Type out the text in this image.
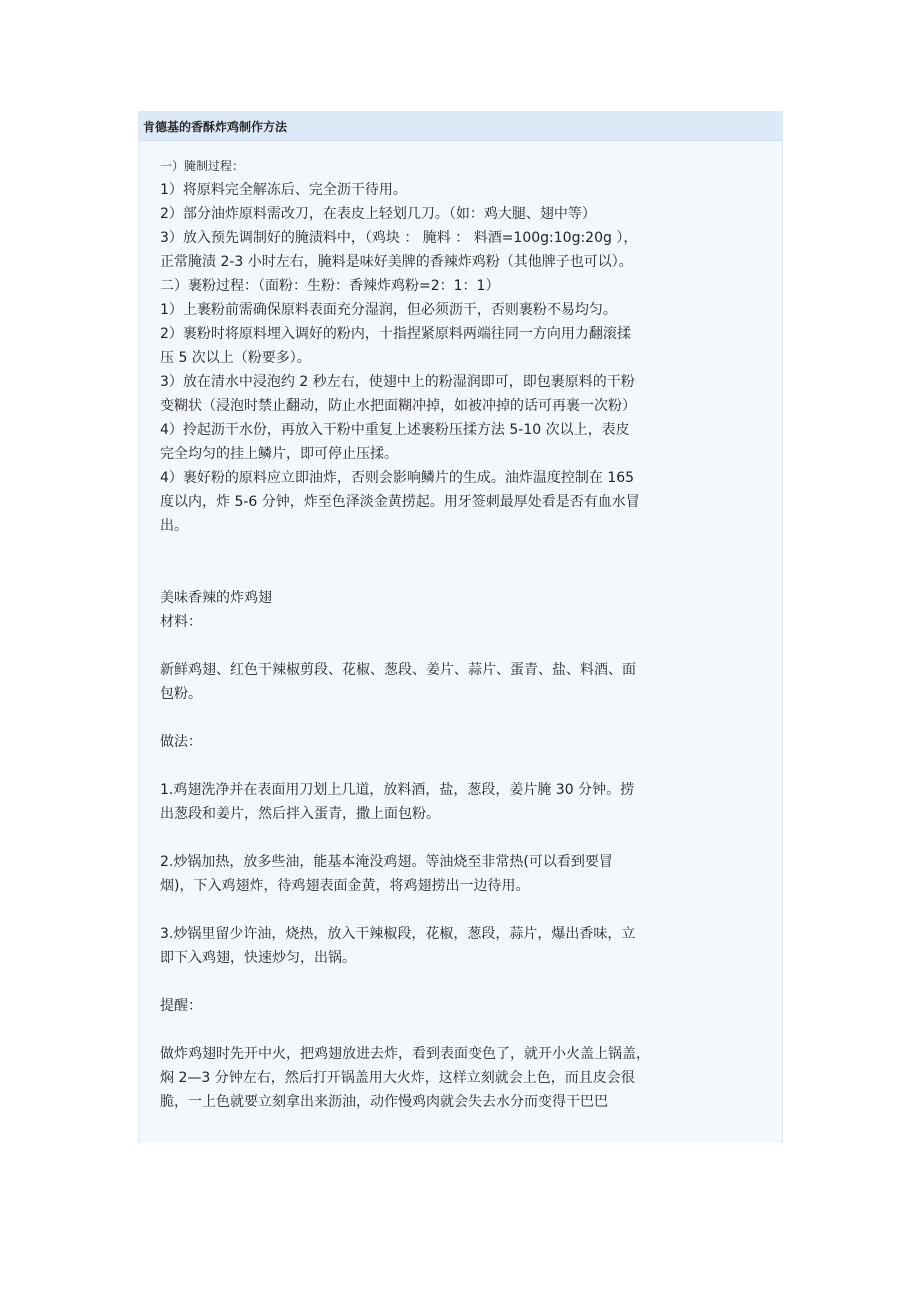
肯德基的香酥炸鸡制作方法
一）腌制过程：
1）将原料完全解冻后、完全沥干待用。
2）部分油炸原料需改刀，在表皮上轻划几刀。（如：鸡大腿、翅中等）
3）放入预先调制好的腌渍料中，（鸡块 ： 腌料 ： 料酒=100g:10g:20g ），
正常腌渍 2-3 小时左右，腌料是味好美牌的香辣炸鸡粉（其他牌子也可以）。
二）裹粉过程：（面粉：生粉：香辣炸鸡粉=2：1：1）
1）上裹粉前需确保原料表面充分湿润，但必须沥干，否则裹粉不易均匀。
2）裹粉时将原料埋入调好的粉内，十指捏紧原料两端往同一方向用力翻滚揉
压 5 次以上（粉要多）。
3）放在清水中浸泡约 2 秒左右，使翅中上的粉湿润即可，即包裹原料的干粉
变糊状（浸泡时禁止翻动，防止水把面糊冲掉，如被冲掉的话可再裹一次粉）
4）拎起沥干水份，再放入干粉中重复上述裹粉压揉方法 5-10 次以上，表皮
完全均匀的挂上鳞片，即可停止压揉。
4）裹好粉的原料应立即油炸，否则会影响鳞片的生成。油炸温度控制在 165
度以内，炸 5-6 分钟，炸至色泽淡金黄捞起。用牙签刺最厚处看是否有血水冒
出。
美味香辣的炸鸡翅
材料：
新鲜鸡翅、红色干辣椒剪段、花椒、葱段、姜片、蒜片、蛋青、盐、料酒、面
包粉。
做法：
1.鸡翅洗净并在表面用刀划上几道，放料酒，盐，葱段，姜片腌 30 分钟。捞
出葱段和姜片，然后拌入蛋青，撒上面包粉。
2.炒锅加热，放多些油，能基本淹没鸡翅。等油烧至非常热(可以看到要冒
烟)，下入鸡翅炸，待鸡翅表面金黄，将鸡翅捞出一边待用。
3.炒锅里留少许油，烧热，放入干辣椒段，花椒，葱段，蒜片，爆出香味，立
即下入鸡翅，快速炒匀，出锅。
提醒：
做炸鸡翅时先开中火，把鸡翅放进去炸，看到表面变色了，就开小火盖上锅盖，
焖 2—3 分钟左右，然后打开锅盖用大火炸，这样立刻就会上色，而且皮会很
脆，一上色就要立刻拿出来沥油，动作慢鸡肉就会失去水分而变得干巴巴
